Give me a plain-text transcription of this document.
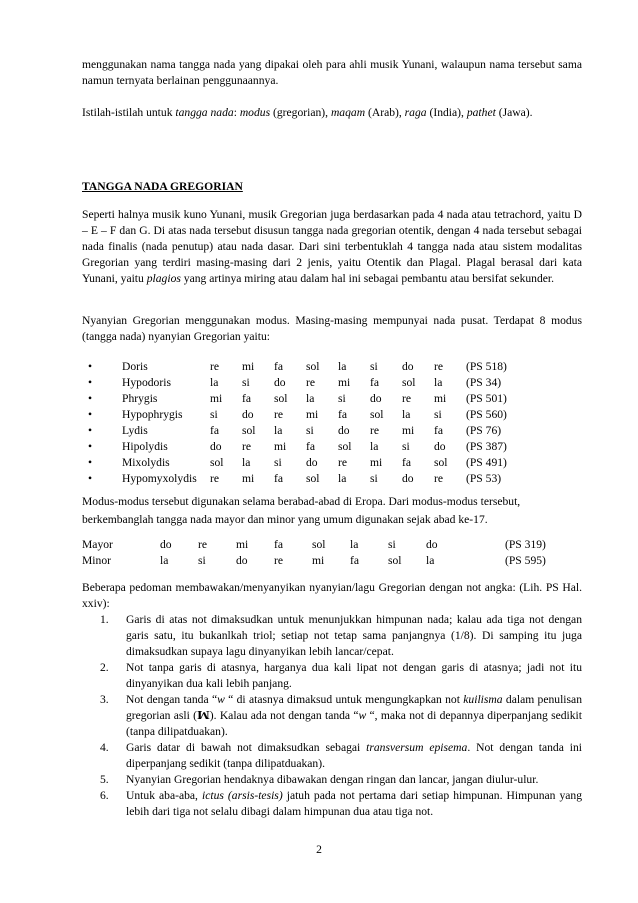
menggunakan nama tangga nada yang dipakai oleh para ahli musik Yunani, walaupun nama tersebut sama namun ternyata berlainan penggunaannya.

Istilah-istilah untuk tangga nada: modus (gregorian), maqam (Arab), raga (India), pathet (Jawa).

TANGGA NADA GREGORIAN

Seperti halnya musik kuno Yunani, musik Gregorian juga berdasarkan pada 4 nada atau tetrachord, yaitu D – E – F dan G. Di atas nada tersebut disusun tangga nada gregorian otentik, dengan 4 nada tersebut sebagai nada finalis (nada penutup) atau nada dasar. Dari sini terbentuklah 4 tangga nada atau sistem modalitas Gregorian yang terdiri masing-masing dari 2 jenis, yaitu Otentik dan Plagal. Plagal berasal dari kata Yunani, yaitu plagios yang artinya miring atau dalam hal ini sebagai pembantu atau bersifat sekunder.

Nyanyian Gregorian menggunakan modus. Masing-masing mempunyai nada pusat. Terdapat 8 modus (tangga nada) nyanyian Gregorian yaitu:

•	Doris	re	mi	fa	sol	la	si	do	re	(PS 518)
•	Hypodoris	la	si	do	re	mi	fa	sol	la	(PS 34)
•	Phrygis	mi	fa	sol	la	si	do	re	mi	(PS 501)
•	Hypophrygis	si	do	re	mi	fa	sol	la	si	(PS 560)
•	Lydis	fa	sol	la	si	do	re	mi	fa	(PS 76)
•	Hipolydis	do	re	mi	fa	sol	la	si	do	(PS 387)
•	Mixolydis	sol	la	si	do	re	mi	fa	sol	(PS 491)
•	Hypomyxolydis	re	mi	fa	sol	la	si	do	re	(PS 53)

Modus-modus tersebut digunakan selama berabad-abad di Eropa. Dari modus-modus tersebut,

berkembanglah tangga nada mayor dan minor yang umum digunakan sejak abad ke-17.

Mayor	do	re	mi	fa	sol	la	si	do	(PS 319)
Minor	la	si	do	re	mi	fa	sol	la	(PS 595)

Beberapa pedoman membawakan/menyanyikan nyanyian/lagu Gregorian dengan not angka: (Lih. PS Hal. xxiv):

1. Garis di atas not dimaksudkan untuk menunjukkan himpunan nada; kalau ada tiga not dengan garis satu, itu bukanlkah triol; setiap not tetap sama panjangnya (1/8). Di samping itu juga dimaksudkan supaya lagu dinyanyikan lebih lancar/cepat.
2. Not tanpa garis di atasnya, harganya dua kali lipat not dengan garis di atasnya; jadi not itu dinyanyikan dua kali lebih panjang.
3. Not dengan tanda “w “ di atasnya dimaksud untuk mengungkapkan not kuilisma dalam penulisan gregorian asli (ꟽ). Kalau ada not dengan tanda “w “, maka not di depannya diperpanjang sedikit (tanpa dilipatduakan).
4. Garis datar di bawah not dimaksudkan sebagai transversum episema. Not dengan tanda ini diperpanjang sedikit (tanpa dilipatduakan).
5. Nyanyian Gregorian hendaknya dibawakan dengan ringan dan lancar, jangan diulur-ulur.
6. Untuk aba-aba, ictus (arsis-tesis) jatuh pada not pertama dari setiap himpunan. Himpunan yang lebih dari tiga not selalu dibagi dalam himpunan dua atau tiga not.
2
